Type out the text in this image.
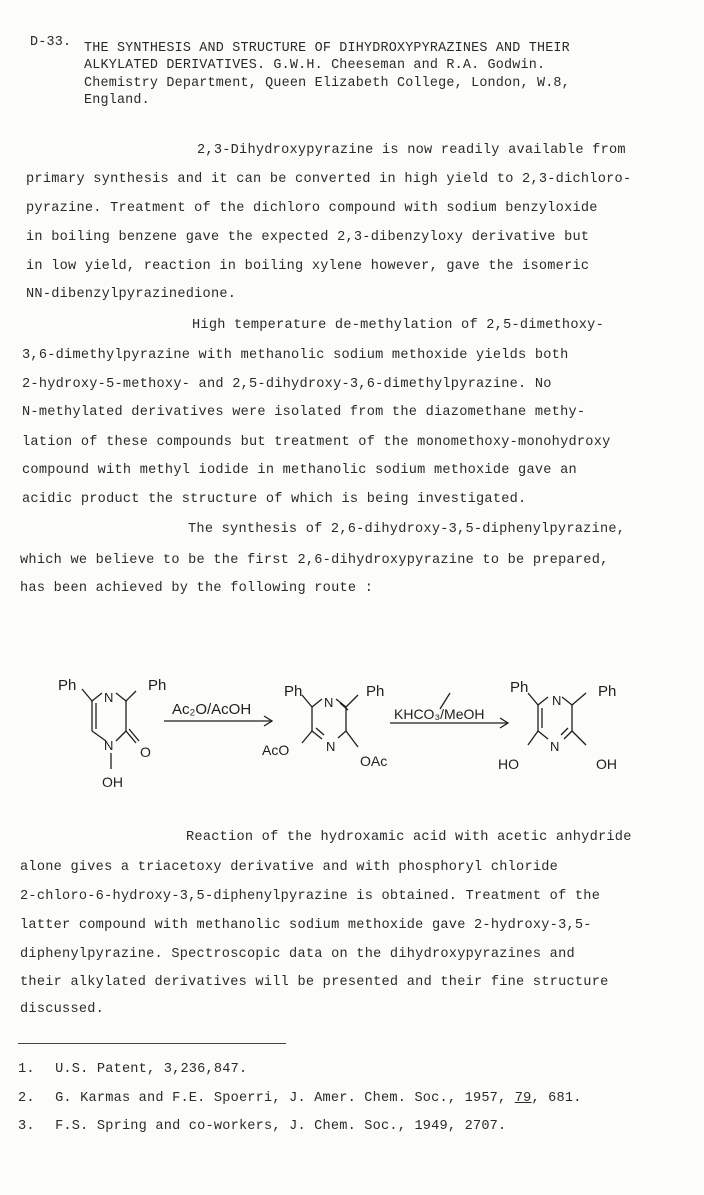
D-33. THE SYNTHESIS AND STRUCTURE OF DIHYDROXYPYRAZINES AND THEIR
ALKYLATED DERIVATIVES. G.W.H. Cheeseman and R.A. Godwin.
Chemistry Department, Queen Elizabeth College, London, W.8,
England.
2,3-Dihydroxypyrazine is now readily available from
primary synthesis and it can be converted in high yield to 2,3-dichloro-
pyrazine. Treatment of the dichloro compound with sodium benzyloxide
in boiling benzene gave the expected 2,3-dibenzyloxy derivative but
in low yield, reaction in boiling xylene however, gave the isomeric
NN-dibenzylpyrazinedione.
High temperature de-methylation of 2,5-dimethoxy-
3,6-dimethylpyrazine with methanolic sodium methoxide yields both
2-hydroxy-5-methoxy- and 2,5-dihydroxy-3,6-dimethylpyrazine. No
N-methylated derivatives were isolated from the diazomethane methy-
lation of these compounds but treatment of the monomethoxy-monohydroxy
compound with methyl iodide in methanolic sodium methoxide gave an
acidic product the structure of which is being investigated.
The synthesis of 2,6-dihydroxy-3,5-diphenylpyrazine,
which we believe to be the first 2,6-dihydroxypyrazine to be prepared,
has been achieved by the following route :
Ph	Ph
N
N O
OH
Ac₂O/AcOH
Ph	Ph
N
N
AcO
OAc
KHCO₃/MeOH
Ph	Ph
N
N
HO	OH
Reaction of the hydroxamic acid with acetic anhydride
alone gives a triacetoxy derivative and with phosphoryl chloride
2-chloro-6-hydroxy-3,5-diphenylpyrazine is obtained. Treatment of the
latter compound with methanolic sodium methoxide gave 2-hydroxy-3,5-
diphenylpyrazine. Spectroscopic data on the dihydroxypyrazines and
their alkylated derivatives will be presented and their fine structure
discussed.
1. U.S. Patent, 3,236,847.
2. G. Karmas and F.E. Spoerri, J. Amer. Chem. Soc., 1957, 79, 681.
3. F.S. Spring and co-workers, J. Chem. Soc., 1949, 2707.
